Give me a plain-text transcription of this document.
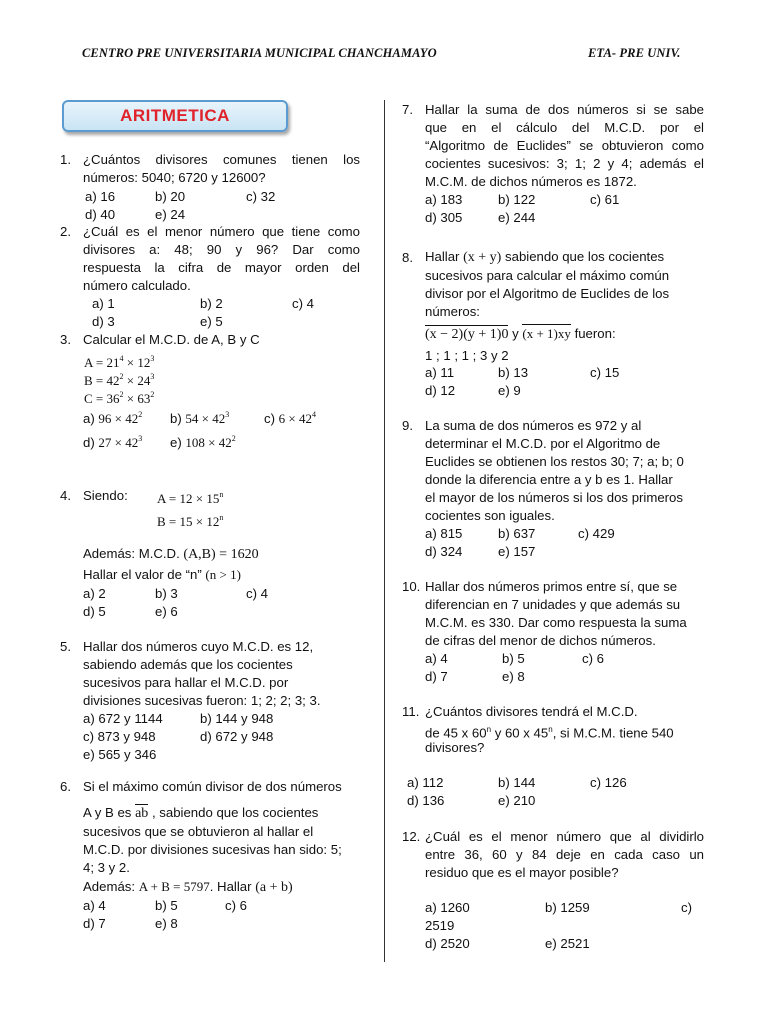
CENTRO PRE UNIVERSITARIA MUNICIPAL CHANCHAMAYO	ETA- PRE UNIV.
ARITMETICA
1. ¿Cuántos divisores comunes tienen los
números: 5040; 6720 y 12600?
a) 16	b) 20	c) 32
d) 40	e) 24
2. ¿Cuál es el menor número que tiene como
divisores a: 48; 90 y 96? Dar como
respuesta la cifra de mayor orden del
número calculado.
a) 1	b) 2	c) 4
d) 3	e) 5
3. Calcular el M.C.D. de A, B y C
$A = 21^4 \times 12^3$
$B = 42^2 \times 24^3$
$C = 36^2 \times 63^2$
a) $96 \times 42^2$ b) $54 \times 42^3$	c) $6 \times 42^4$
d) $27 \times 42^3$ e) $108 \times 42^2$
4. Siendo: $A = 12 \times 15^n$
$B = 15 \times 12^n$
Además: M.C.D. (A,B) = 1620
Hallar el valor de “n” (n > 1)
a) 2	b) 3	c) 4
d) 5	e) 6
5. Hallar dos números cuyo M.C.D. es 12,
sabiendo además que los cocientes
sucesivos para hallar el M.C.D. por
divisiones sucesivas fueron: 1; 2; 2; 3; 3.
a) 672 y 1144	b) 144 y 948
c) 873 y 948	d) 672 y 948
e) 565 y 346
6. Si el máximo común divisor de dos números
A y B es ab , sabiendo que los cocientes
sucesivos que se obtuvieron al hallar el
M.C.D. por divisiones sucesivas han sido: 5;
4; 3 y 2.
Además: A + B = 5797. Hallar (a + b)
a) 4	b) 5	c) 6
d) 7	e) 8
7. Hallar la suma de dos números si se sabe
que en el cálculo del M.C.D. por el
“Algoritmo de Euclides” se obtuvieron como
cocientes sucesivos: 3; 1; 2 y 4; además el
M.C.M. de dichos números es 1872.
a) 183	b) 122	c) 61
d) 305	e) 244
8. Hallar (x + y) sabiendo que los cocientes
sucesivos para calcular el máximo común
divisor por el Algoritmo de Euclides de los
números:
(x − 2)(y + 1)0 y (x + 1)xy fueron:
1 ; 1 ; 1 ; 3 y 2
a) 11	b) 13	c) 15
d) 12	e) 9
9. La suma de dos números es 972 y al
determinar el M.C.D. por el Algoritmo de
Euclides se obtienen los restos 30; 7; a; b; 0
donde la diferencia entre a y b es 1. Hallar
el mayor de los números si los dos primeros
cocientes son iguales.
a) 815	b) 637	c) 429
d) 324	e) 157
10. Hallar dos números primos entre sí, que se
diferencian en 7 unidades y que además su
M.C.M. es 330. Dar como respuesta la suma
de cifras del menor de dichos números.
a) 4	b) 5	c) 6
d) 7	e) 8
11. ¿Cuántos divisores tendrá el M.C.D.
de 45 x 60$^n$ y 60 x 45$^n$, si M.C.M. tiene 540
divisores?
a) 112	b) 144	c) 126
d) 136	e) 210
12. ¿Cuál es el menor número que al dividirlo
entre 36, 60 y 84 deje en cada caso un
residuo que es el mayor posible?
a) 1260	b) 1259	c)
2519
d) 2520	e) 2521
